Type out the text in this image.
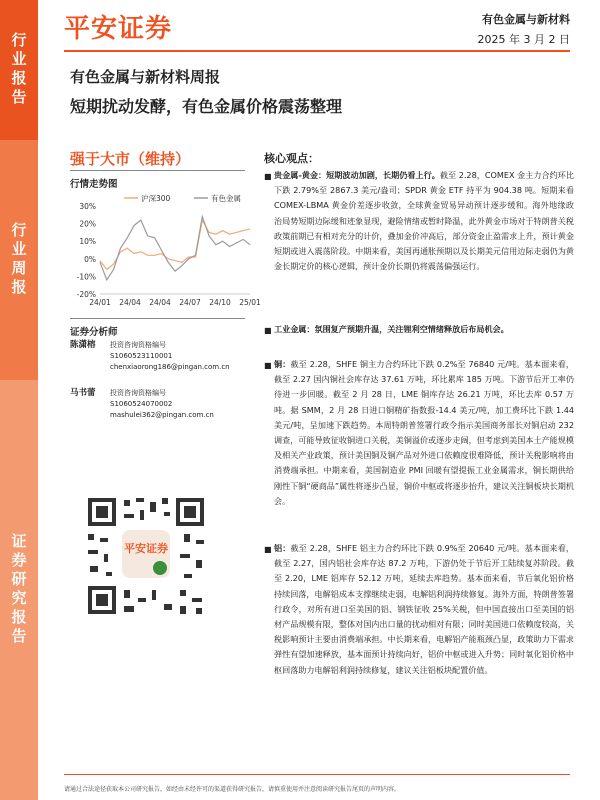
行业报告
行业周报
证券研究报告
平安证券	有色金属与新材料
2025 年 3 月 2 日
有色金属与新材料周报
短期扰动发酵，有色金属价格震荡整理
强于大市（维持）
行情走势图
30%
20%
10%
0%
-10%
-20%
24/01 24/04 24/04 24/07 24/10 25/01
沪深300	有色金属
证券分析师
陈潇榕	投资咨询资格编号
S1060523110001
chenxiaorong186@pingan.com.cn
马书蕾	投资咨询资格编号
S1060524070002
mashulei362@pingan.com.cn
平安证券
核心观点：
■ 贵金属-黄金：短期波动加剧，长期仍看上行。截至 2.28，COMEX 金主力合约环比下跌 2.79%至 2867.3 美元/盎司；SPDR 黄金 ETF 持平为 904.38 吨。短期来看 COMEX-LBMA 黄金价差逐步收敛，全球黄金贸易异动预计逐步缓和。海外地缘政治局势短期边际缓和迹象显现，避险情绪或暂时降温，此外黄金市场对于特朗普关税政策前期已有相对充分的计价，叠加金价冲高后，部分资金止盈需求上升，预计黄金短期或进入震荡阶段。中期来看，美国再通胀预期以及长期美元信用边际走弱仍为黄金长期定价的核心逻辑，预计金价长期仍将震荡偏强运行。
■ 工业金属：氛围复产预期升温，关注锂利空情绪释放后布局机会。
■ 铜：截至 2.28，SHFE 铜主力合约环比下跌 0.2%至 76840 元/吨。基本面来看，截至 2.27 国内铜社会库存达 37.61 万吨，环比累库 185 万吨。下游节后开工率仍待进一步回暖。截至 2 月 28 日，LME 铜库存达 26.21 万吨，环比去库 0.57 万吨。据 SMM，2 月 28 日进口铜精矿指数报-14.4 美元/吨，加工费环比下跌 1.44 美元/吨，呈加速下跌趋势。本周特朗普签署行政令指示美国商务部长对铜启动 232 调查，可能导致征收铜进口关税，美铜溢价或逐步走阔，但考虑到美国本土产能规模及相关产业政策，预计美国铜及铜产品对外进口依赖度很难降低，预计关税影响将由消费端承担。中期来看，美国制造业 PMI 回暖有望提振工业金属需求，铜长期供给刚性下铜“硬商品”属性将逐步凸显，铜价中枢或将逐步抬升，建议关注铜板块长期机会。
■ 铝：截至 2.28，SHFE 铝主力合约环比下跌 0.9%至 20640 元/吨。基本面来看，截至 2.27，国内铝社会库存达 87.2 万吨，下游仍处于节后开工陆续复苏阶段。截至 2.20，LME 铝库存 52.12 万吨，延续去库趋势。基本面来看，节后氧化铝价格持续回落，电解铝成本支撑继续走弱，电解铝利润持续修复。海外方面，特朗普签署行政令，对所有进口至美国的铝、钢铁征收 25%关税，但中国直接出口至美国的铝材产品规模有限，整体对国内出口量的扰动相对有限；同时美国进口依赖度较高，关税影响预计主要由消费端承担。中长期来看，电解铝产能瓶颈凸显，政策助力下需求弹性有望加速释放，基本面预计持续向好，铝价中枢或进入升势；同时氧化铝价格中枢回落助力电解铝利润持续修复，建议关注铝板块配置价值。
请通过合法途径获取本公司研究报告，如经由未经许可的渠道获得研究报告，请慎重使用并注意阅读研究报告尾页的声明内容。
